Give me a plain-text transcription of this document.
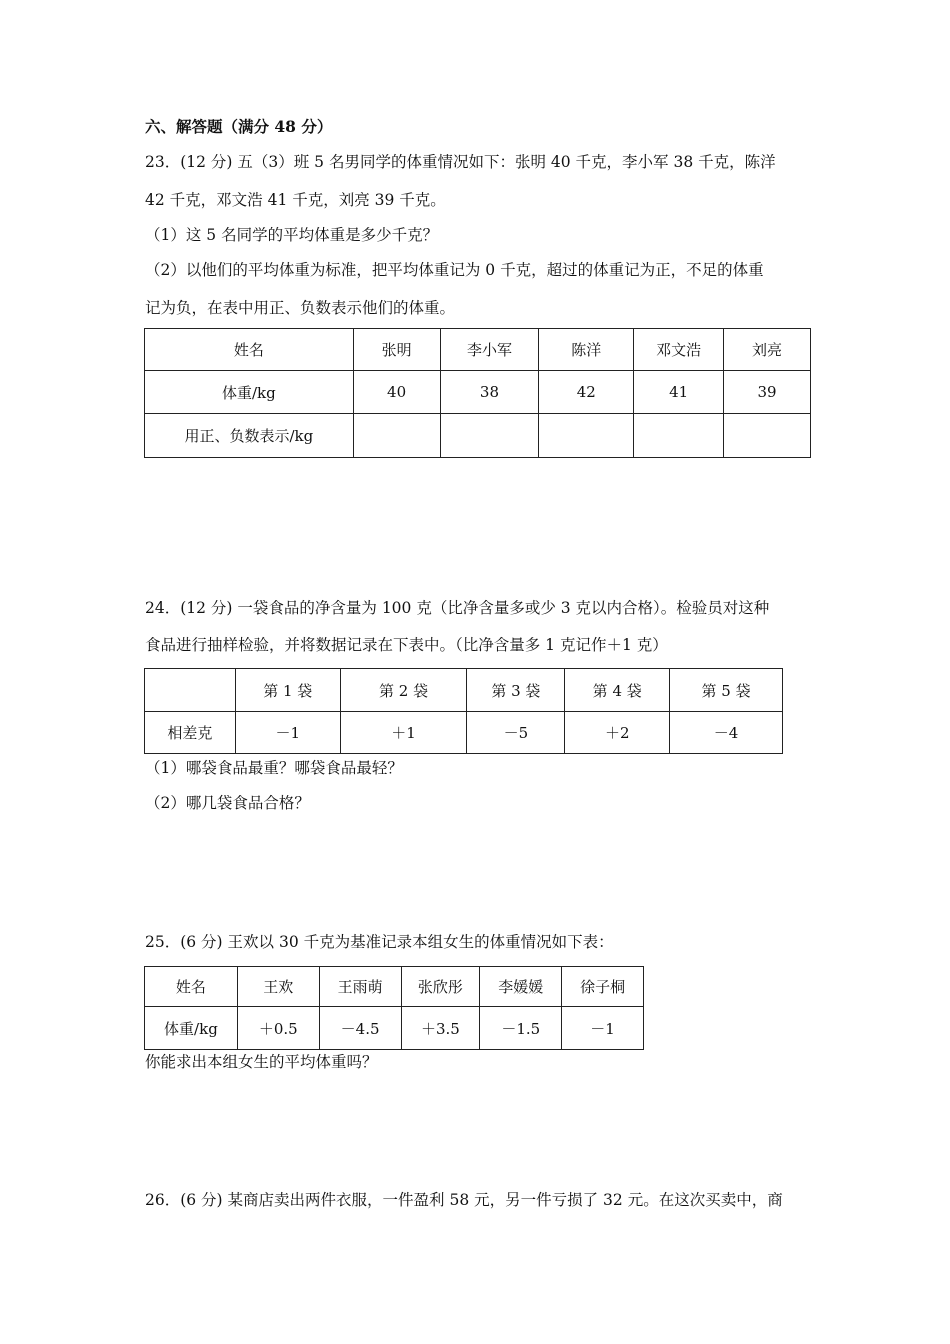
六、解答题（满分 48 分）
23．(12 分) 五（3）班 5 名男同学的体重情况如下：张明 40 千克，李小军 38 千克，陈洋
42 千克，邓文浩 41 千克，刘亮 39 千克。
（1）这 5 名同学的平均体重是多少千克？
（2）以他们的平均体重为标准，把平均体重记为 0 千克，超过的体重记为正，不足的体重
记为负，在表中用正、负数表示他们的体重。
姓名	张明	李小军	陈洋	邓文浩	刘亮
体重/kg	40	38	42	41	39
用正、负数表示/kg					
24．(12 分) 一袋食品的净含量为 100 克（比净含量多或少 3 克以内合格）。检验员对这种
食品进行抽样检验，并将数据记录在下表中。（比净含量多 1 克记作＋1 克）
	第 1 袋	第 2 袋	第 3 袋	第 4 袋	第 5 袋
相差克	－1	＋1	－5	＋2	－4
（1）哪袋食品最重？哪袋食品最轻？
（2）哪几袋食品合格？
25．(6 分) 王欢以 30 千克为基准记录本组女生的体重情况如下表：
姓名	王欢	王雨萌	张欣彤	李媛媛	徐子桐
体重/kg	＋0.5	－4.5	＋3.5	－1.5	－1
你能求出本组女生的平均体重吗？
26．(6 分) 某商店卖出两件衣服，一件盈利 58 元，另一件亏损了 32 元。在这次买卖中，商
